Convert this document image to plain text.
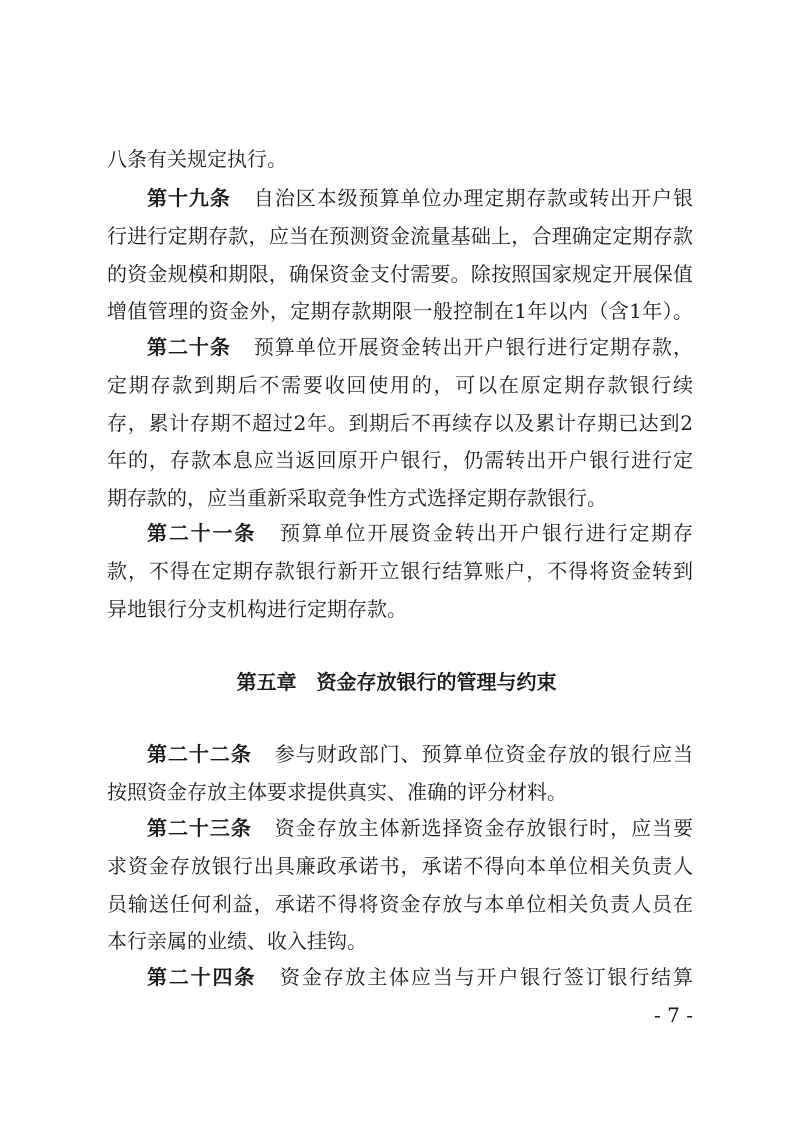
八条有关规定执行。
第十九条 自治区本级预算单位办理定期存款或转出开户银
行进行定期存款，应当在预测资金流量基础上，合理确定定期存款
的资金规模和期限，确保资金支付需要。除按照国家规定开展保值
增值管理的资金外，定期存款期限一般控制在1年以内（含1年）。
第二十条 预算单位开展资金转出开户银行进行定期存款，
定期存款到期后不需要收回使用的，可以在原定期存款银行续
存，累计存期不超过2年。到期后不再续存以及累计存期已达到2
年的，存款本息应当返回原开户银行，仍需转出开户银行进行定
期存款的，应当重新采取竞争性方式选择定期存款银行。
第二十一条 预算单位开展资金转出开户银行进行定期存
款，不得在定期存款银行新开立银行结算账户，不得将资金转到
异地银行分支机构进行定期存款。
第二十二条 参与财政部门、预算单位资金存放的银行应当
按照资金存放主体要求提供真实、准确的评分材料。
第二十三条 资金存放主体新选择资金存放银行时，应当要
求资金存放银行出具廉政承诺书，承诺不得向本单位相关负责人
员输送任何利益，承诺不得将资金存放与本单位相关负责人员在
本行亲属的业绩、收入挂钩。
第二十四条 资金存放主体应当与开户银行签订银行结算
第五章 资金存放银行的管理与约束
- 7 -
